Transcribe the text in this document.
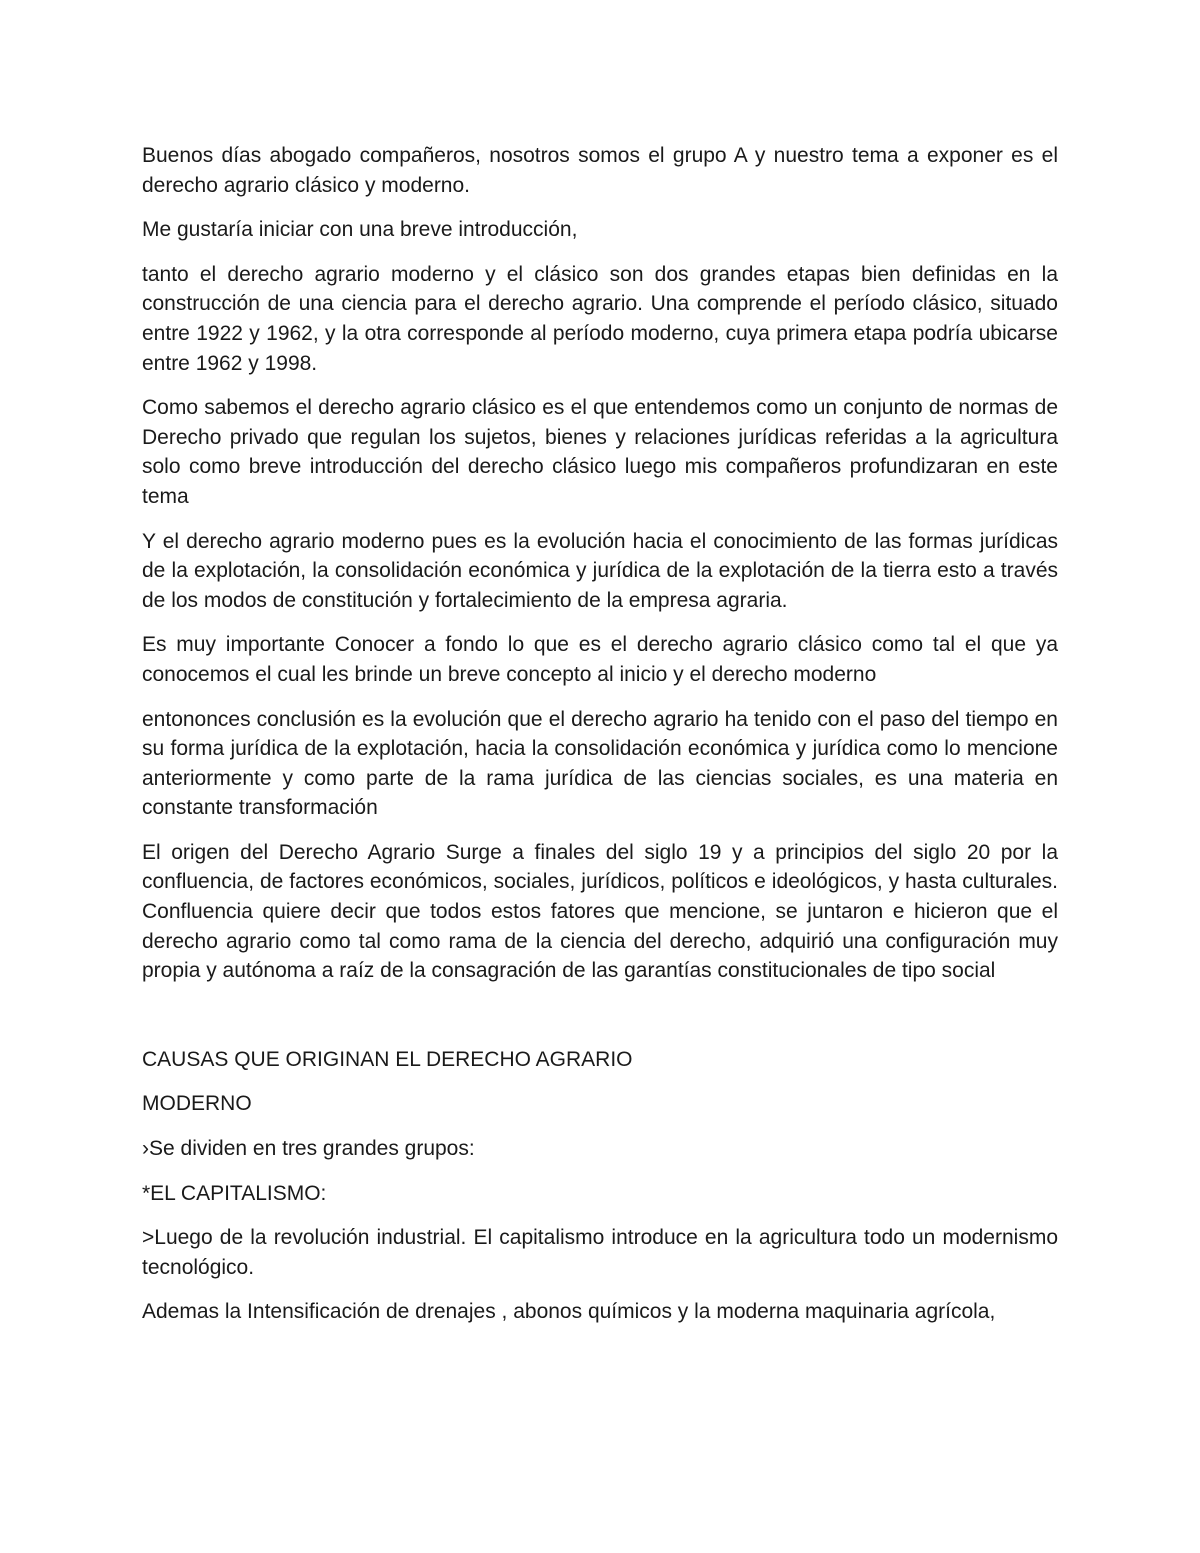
Buenos días abogado compañeros, nosotros somos el grupo A y nuestro tema a exponer es el derecho agrario clásico y moderno.

Me gustaría iniciar con una breve introducción,

tanto el derecho agrario moderno y el clásico son dos grandes etapas bien definidas en la construcción de una ciencia para el derecho agrario. Una comprende el período clásico, situado entre 1922 y 1962, y la otra corresponde al período moderno, cuya primera etapa podría ubicarse entre 1962 y 1998.

Como sabemos el derecho agrario clásico es el que entendemos como un conjunto de normas de Derecho privado que regulan los sujetos, bienes y relaciones jurídicas referidas a la agricultura solo como breve introducción del derecho clásico luego mis compañeros profundizaran en este tema

Y el derecho agrario moderno pues es la evolución hacia el conocimiento de las formas jurídicas de la explotación, la consolidación económica y jurídica de la explotación de la tierra esto a través de los modos de constitución y fortalecimiento de la empresa agraria.

Es muy importante Conocer a fondo lo que es el derecho agrario clásico como tal el que ya conocemos el cual les brinde un breve concepto al inicio y el derecho moderno

entononces conclusión es la evolución que el derecho agrario ha tenido con el paso del tiempo en su forma jurídica de la explotación, hacia la consolidación económica y jurídica como lo mencione anteriormente y como parte de la rama jurídica de las ciencias sociales, es una materia en constante transformación

El origen del Derecho Agrario Surge a finales del siglo 19 y a principios del siglo 20 por la confluencia, de factores económicos, sociales, jurídicos, políticos e ideológicos, y hasta culturales. Confluencia quiere decir que todos estos fatores que mencione, se juntaron e hicieron que el derecho agrario como tal como rama de la ciencia del derecho, adquirió una configuración muy propia y autónoma a raíz de la consagración de las garantías constitucionales de tipo social

CAUSAS QUE ORIGINAN EL DERECHO AGRARIO

MODERNO

›Se dividen en tres grandes grupos:

*EL CAPITALISMO:

>Luego de la revolución industrial. El capitalismo introduce en la agricultura todo un modernismo tecnológico.

Ademas la Intensificación de drenajes , abonos químicos y la moderna maquinaria agrícola,
